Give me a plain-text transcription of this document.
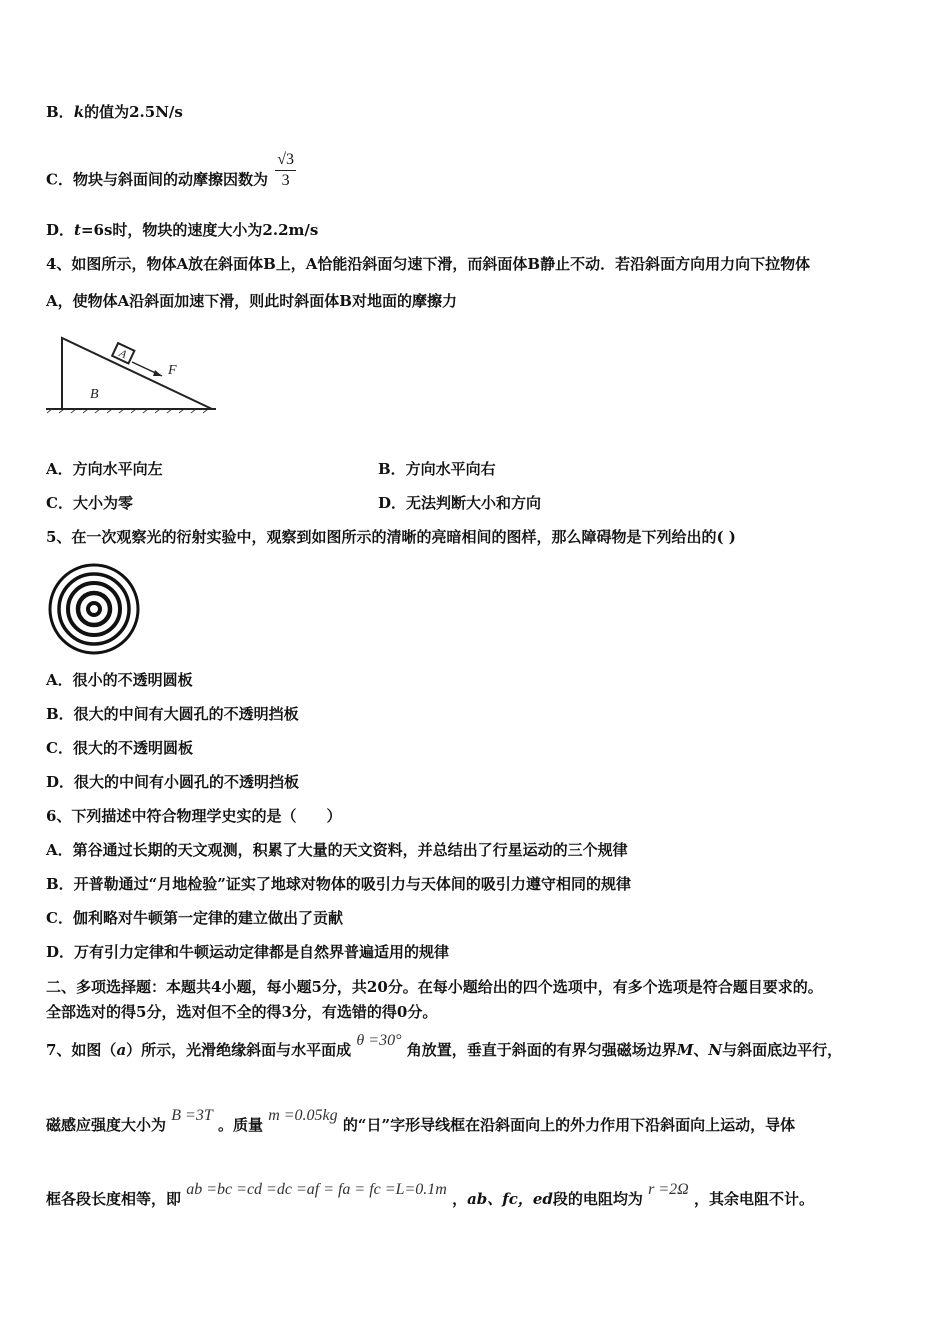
B．k的值为2.5N/s
C．物块与斜面间的动摩擦因数为 $\frac{√3}{3}$
D．t=6s时，物块的速度大小为2.2m/s
4、如图所示，物体A放在斜面体B上，A恰能沿斜面匀速下滑，而斜面体B静止不动．若沿斜面方向用力向下拉物体
A，使物体A沿斜面加速下滑，则此时斜面体B对地面的摩擦力
A
F
B
A．方向水平向左	B．方向水平向右
C．大小为零	D．无法判断大小和方向
5、在一次观察光的衍射实验中，观察到如图所示的清晰的亮暗相间的图样，那么障碍物是下列给出的( )
A．很小的不透明圆板
B．很大的中间有大圆孔的不透明挡板
C．很大的不透明圆板
D．很大的中间有小圆孔的不透明挡板
6、下列描述中符合物理学史实的是（　　）
A．第谷通过长期的天文观测，积累了大量的天文资料，并总结出了行星运动的三个规律
B．开普勒通过“月地检验”证实了地球对物体的吸引力与天体间的吸引力遵守相同的规律
C．伽利略对牛顿第一定律的建立做出了贡献
D．万有引力定律和牛顿运动定律都是自然界普遍适用的规律
二、多项选择题：本题共4小题，每小题5分，共20分。在每小题给出的四个选项中，有多个选项是符合题目要求的。
全部选对的得5分，选对但不全的得3分，有选错的得0分。
7、如图（a）所示，光滑绝缘斜面与水平面成 θ =30° 角放置，垂直于斜面的有界匀强磁场边界M、N与斜面底边平行，
磁感应强度大小为 B =3T 。质量 m =0.05kg 的“日”字形导线框在沿斜面向上的外力作用下沿斜面向上运动，导体
框各段长度相等，即 ab =bc =cd =dc =af = fa = fc =L=0.1m ，ab、fc，ed段的电阻均为 r =2Ω ，其余电阻不计。
